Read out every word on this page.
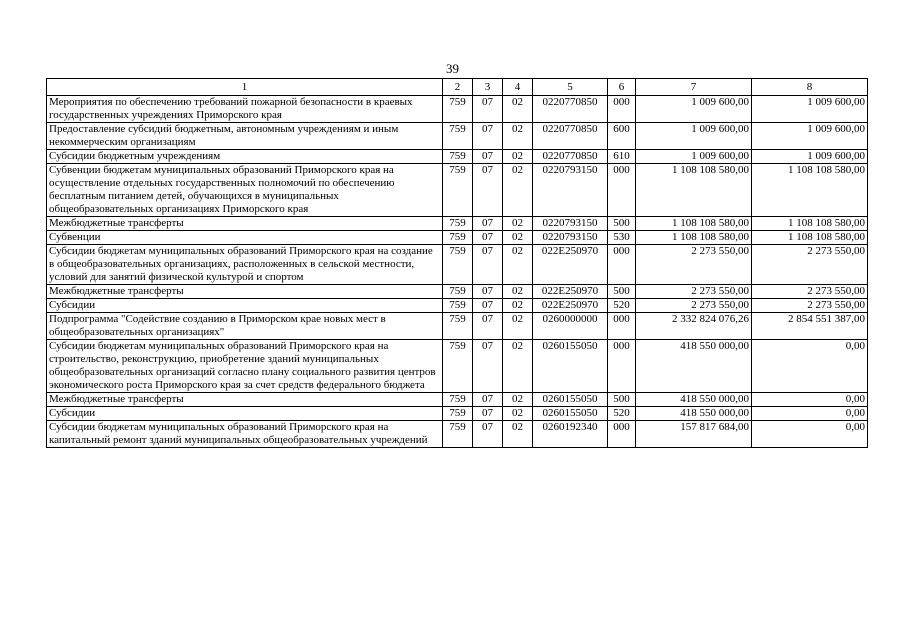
39
1	2	3	4	5	6	7	8
Мероприятия по обеспечению требований пожарной безопасности в краевых государственных учреждениях Приморского края	759	07	02	0220770850	000	1 009 600,00	1 009 600,00
Предоставление субсидий бюджетным, автономным учреждениям и иным некоммерческим организациям	759	07	02	0220770850	600	1 009 600,00	1 009 600,00
Субсидии бюджетным учреждениям	759	07	02	0220770850	610	1 009 600,00	1 009 600,00
Субвенции бюджетам муниципальных образований Приморского края на осуществление отдельных государственных полномочий по обеспечению бесплатным питанием детей, обучающихся в муниципальных общеобразовательных организациях Приморского края	759	07	02	0220793150	000	1 108 108 580,00	1 108 108 580,00
Межбюджетные трансферты	759	07	02	0220793150	500	1 108 108 580,00	1 108 108 580,00
Субвенции	759	07	02	0220793150	530	1 108 108 580,00	1 108 108 580,00
Субсидии бюджетам муниципальных образований Приморского края на создание в общеобразовательных организациях, расположенных в сельской местности, условий для занятий физической культурой и спортом	759	07	02	022E250970	000	2 273 550,00	2 273 550,00
Межбюджетные трансферты	759	07	02	022E250970	500	2 273 550,00	2 273 550,00
Субсидии	759	07	02	022E250970	520	2 273 550,00	2 273 550,00
Подпрограмма "Содействие созданию в Приморском крае новых мест в общеобразовательных организациях"	759	07	02	0260000000	000	2 332 824 076,26	2 854 551 387,00
Субсидии бюджетам муниципальных образований Приморского края на строительство, реконструкцию, приобретение зданий муниципальных общеобразовательных организаций согласно плану социального развития центров экономического роста Приморского края за счет средств федерального бюджета	759	07	02	0260155050	000	418 550 000,00	0,00
Межбюджетные трансферты	759	07	02	0260155050	500	418 550 000,00	0,00
Субсидии	759	07	02	0260155050	520	418 550 000,00	0,00
Субсидии бюджетам муниципальных образований Приморского края на капитальный ремонт зданий муниципальных общеобразовательных учреждений	759	07	02	0260192340	000	157 817 684,00	0,00
